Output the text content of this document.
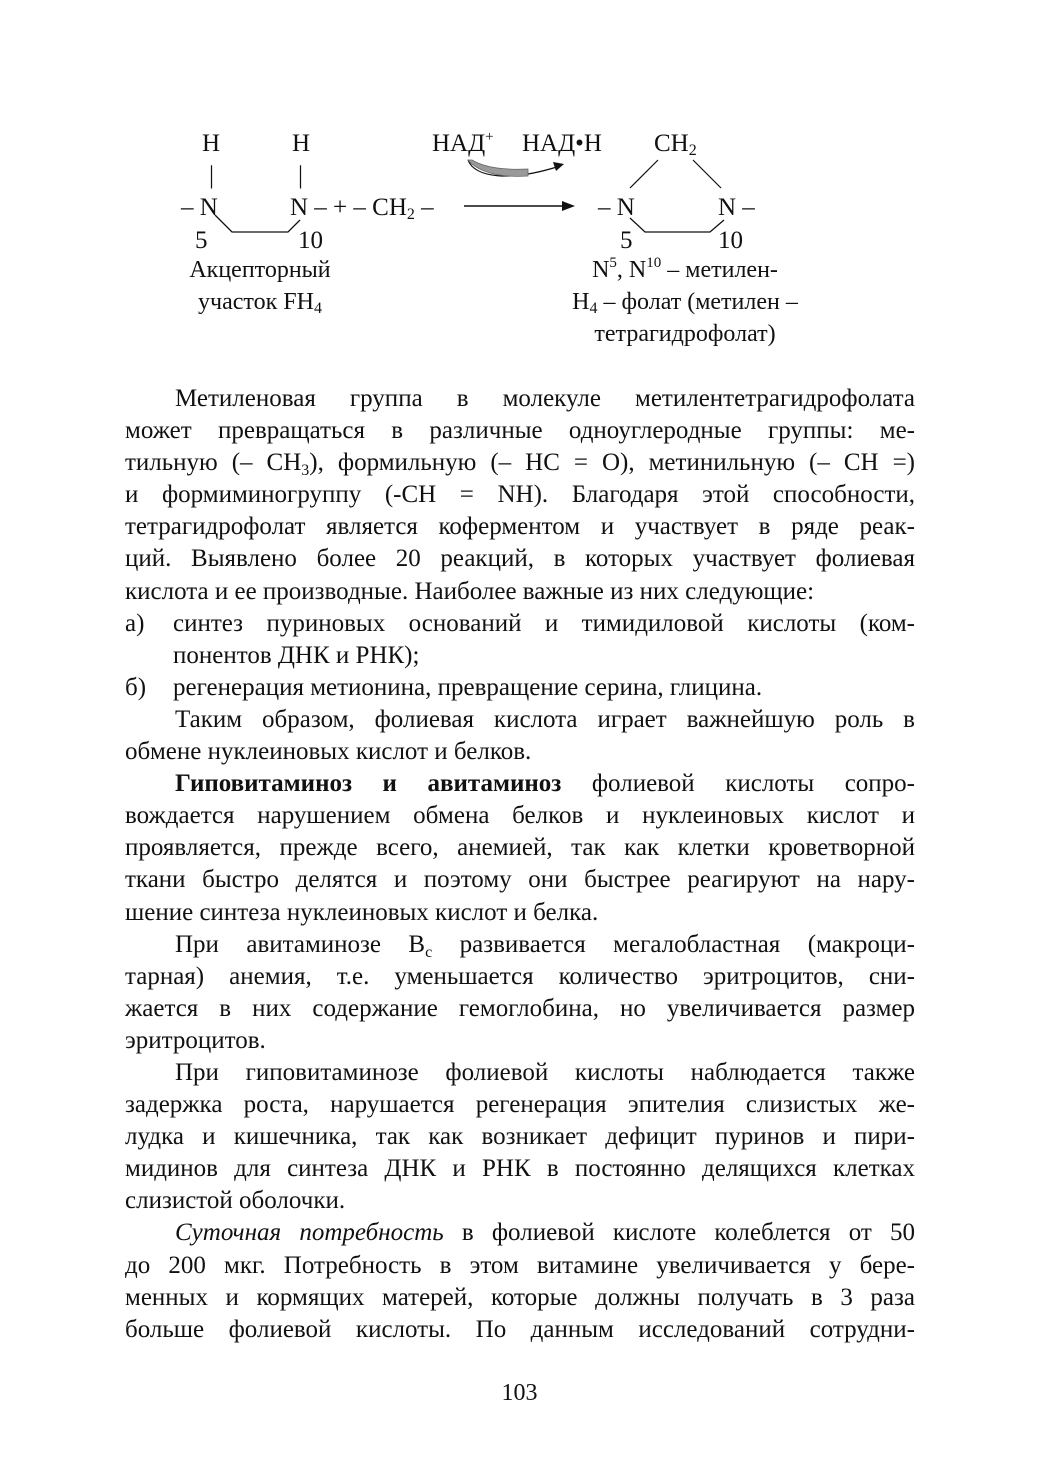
H	H
|	|
– N	N – + – $CH_2$ –
5	10
НАД+ НАД•Н $CH_2$
– N	N –
5	10
Акцепторный
участок $FH_4$
$N^5$, $N^{10}$ – метилен-
$H_4$ – фолат (метилен –
тетрагидрофолат)

Метиленовая группа в молекуле метилентетрагидрофолата

может превращаться в различные одноуглеродные группы: ме-

тильную (– $CH_3$), формильную (– HC = O), метинильную (– CH =)

и формиминогруппу (-CH = NH). Благодаря этой способности,

тетрагидрофолат является коферментом и участвует в ряде реак-

ций. Выявлено более 20 реакций, в которых участвует фолиевая

кислота и ее производные. Наиболее важные из них следующие:

а)	синтез пуриновых оснований и тимидиловой кислоты (ком-

понентов ДНК и РНК);

б)	регенерация метионина, превращение серина, глицина.

Таким образом, фолиевая кислота играет важнейшую роль в

обмене нуклеиновых кислот и белков.

Гиповитаминоз и авитаминоз фолиевой кислоты сопро-

вождается нарушением обмена белков и нуклеиновых кислот и

проявляется, прежде всего, анемией, так как клетки кроветворной

ткани быстро делятся и поэтому они быстрее реагируют на нару-

шение синтеза нуклеиновых кислот и белка.

При авитаминозе $B_c$ развивается мегалобластная (макроци-

тарная) анемия, т.е. уменьшается количество эритроцитов, сни-

жается в них содержание гемоглобина, но увеличивается размер

эритроцитов.

При гиповитаминозе фолиевой кислоты наблюдается также

задержка роста, нарушается регенерация эпителия слизистых же-

лудка и кишечника, так как возникает дефицит пуринов и пири-

мидинов для синтеза ДНК и РНК в постоянно делящихся клетках

слизистой оболочки.

Суточная потребность в фолиевой кислоте колеблется от 50

до 200 мкг. Потребность в этом витамине увеличивается у бере-

менных и кормящих матерей, которые должны получать в 3 раза

больше фолиевой кислоты. По данным исследований сотрудни-

103
